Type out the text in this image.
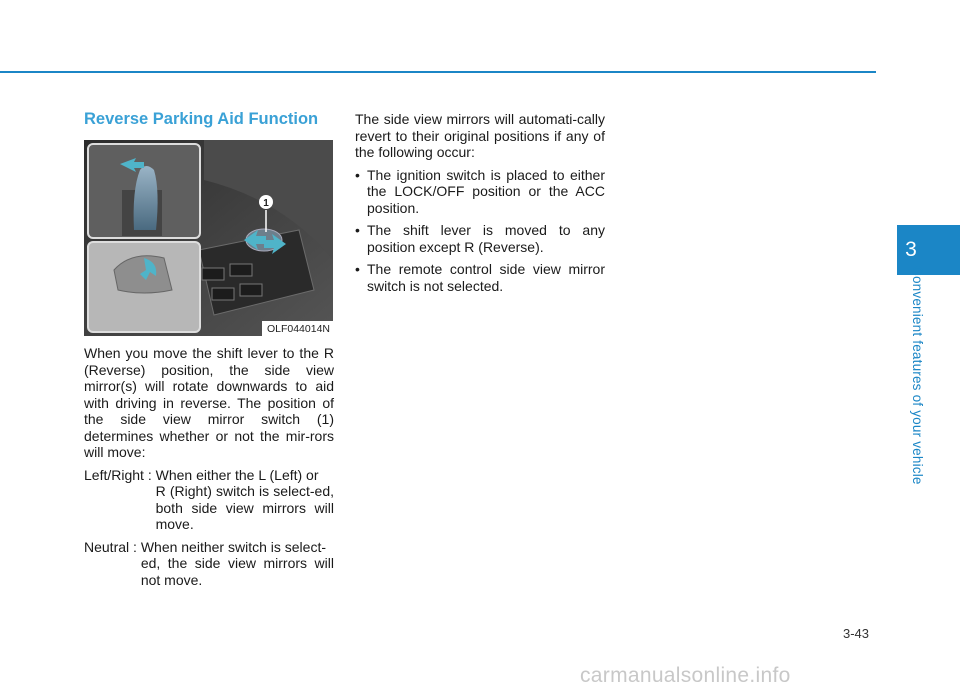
3
Convenient features of your vehicle
Reverse Parking Aid Function
1
OLF044014N

When you move the shift lever to the R (Reverse) position, the side view mirror(s) will rotate downwards to aid with driving in reverse. The position of the side view mirror switch (1) determines whether or not the mir-rors will move:

Left/Right : When either the L (Left) or
R (Right) switch is select-ed, both side view mirrors will move.
Neutral : When neither switch is select-
ed, the side view mirrors will not move.

The side view mirrors will automati-cally revert to their original positions if any of the following occur:

• The ignition switch is placed to either the LOCK/OFF position or the ACC position.
• The shift lever is moved to any position except R (Reverse).
• The remote control side view mirror switch is not selected.
3-43
carmanualsonline.info
